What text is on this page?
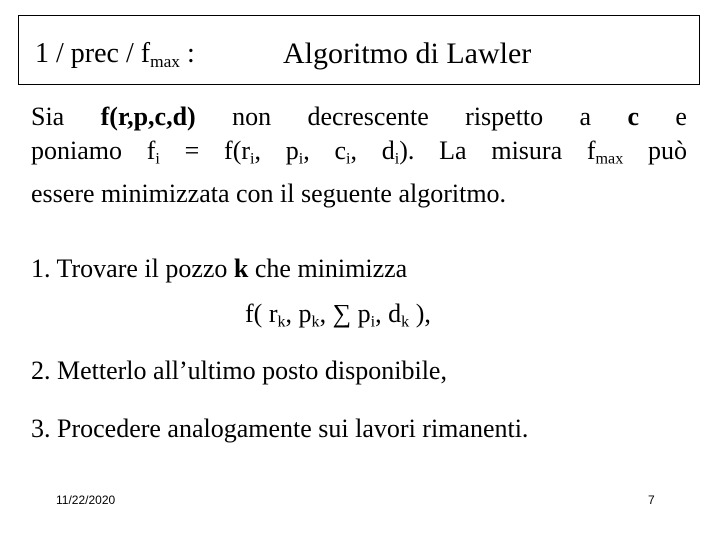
1 / prec / $f_{max}$ :	Algoritmo di Lawler
Sia f(r,p,c,d) non decrescente rispetto a c e
poniamo $f_i = f(r_i$, $p_i$, $c_i$, $d_i$). La misura $f_{max}$ può
essere minimizzata con il seguente algoritmo.
1. Trovare il pozzo k che minimizza
f( $r_k$, $p_k$, ∑ $p_i$, $d_k$ ),
2. Metterlo all’ultimo posto disponibile,
3. Procedere analogamente sui lavori rimanenti.
11/22/2020	7
